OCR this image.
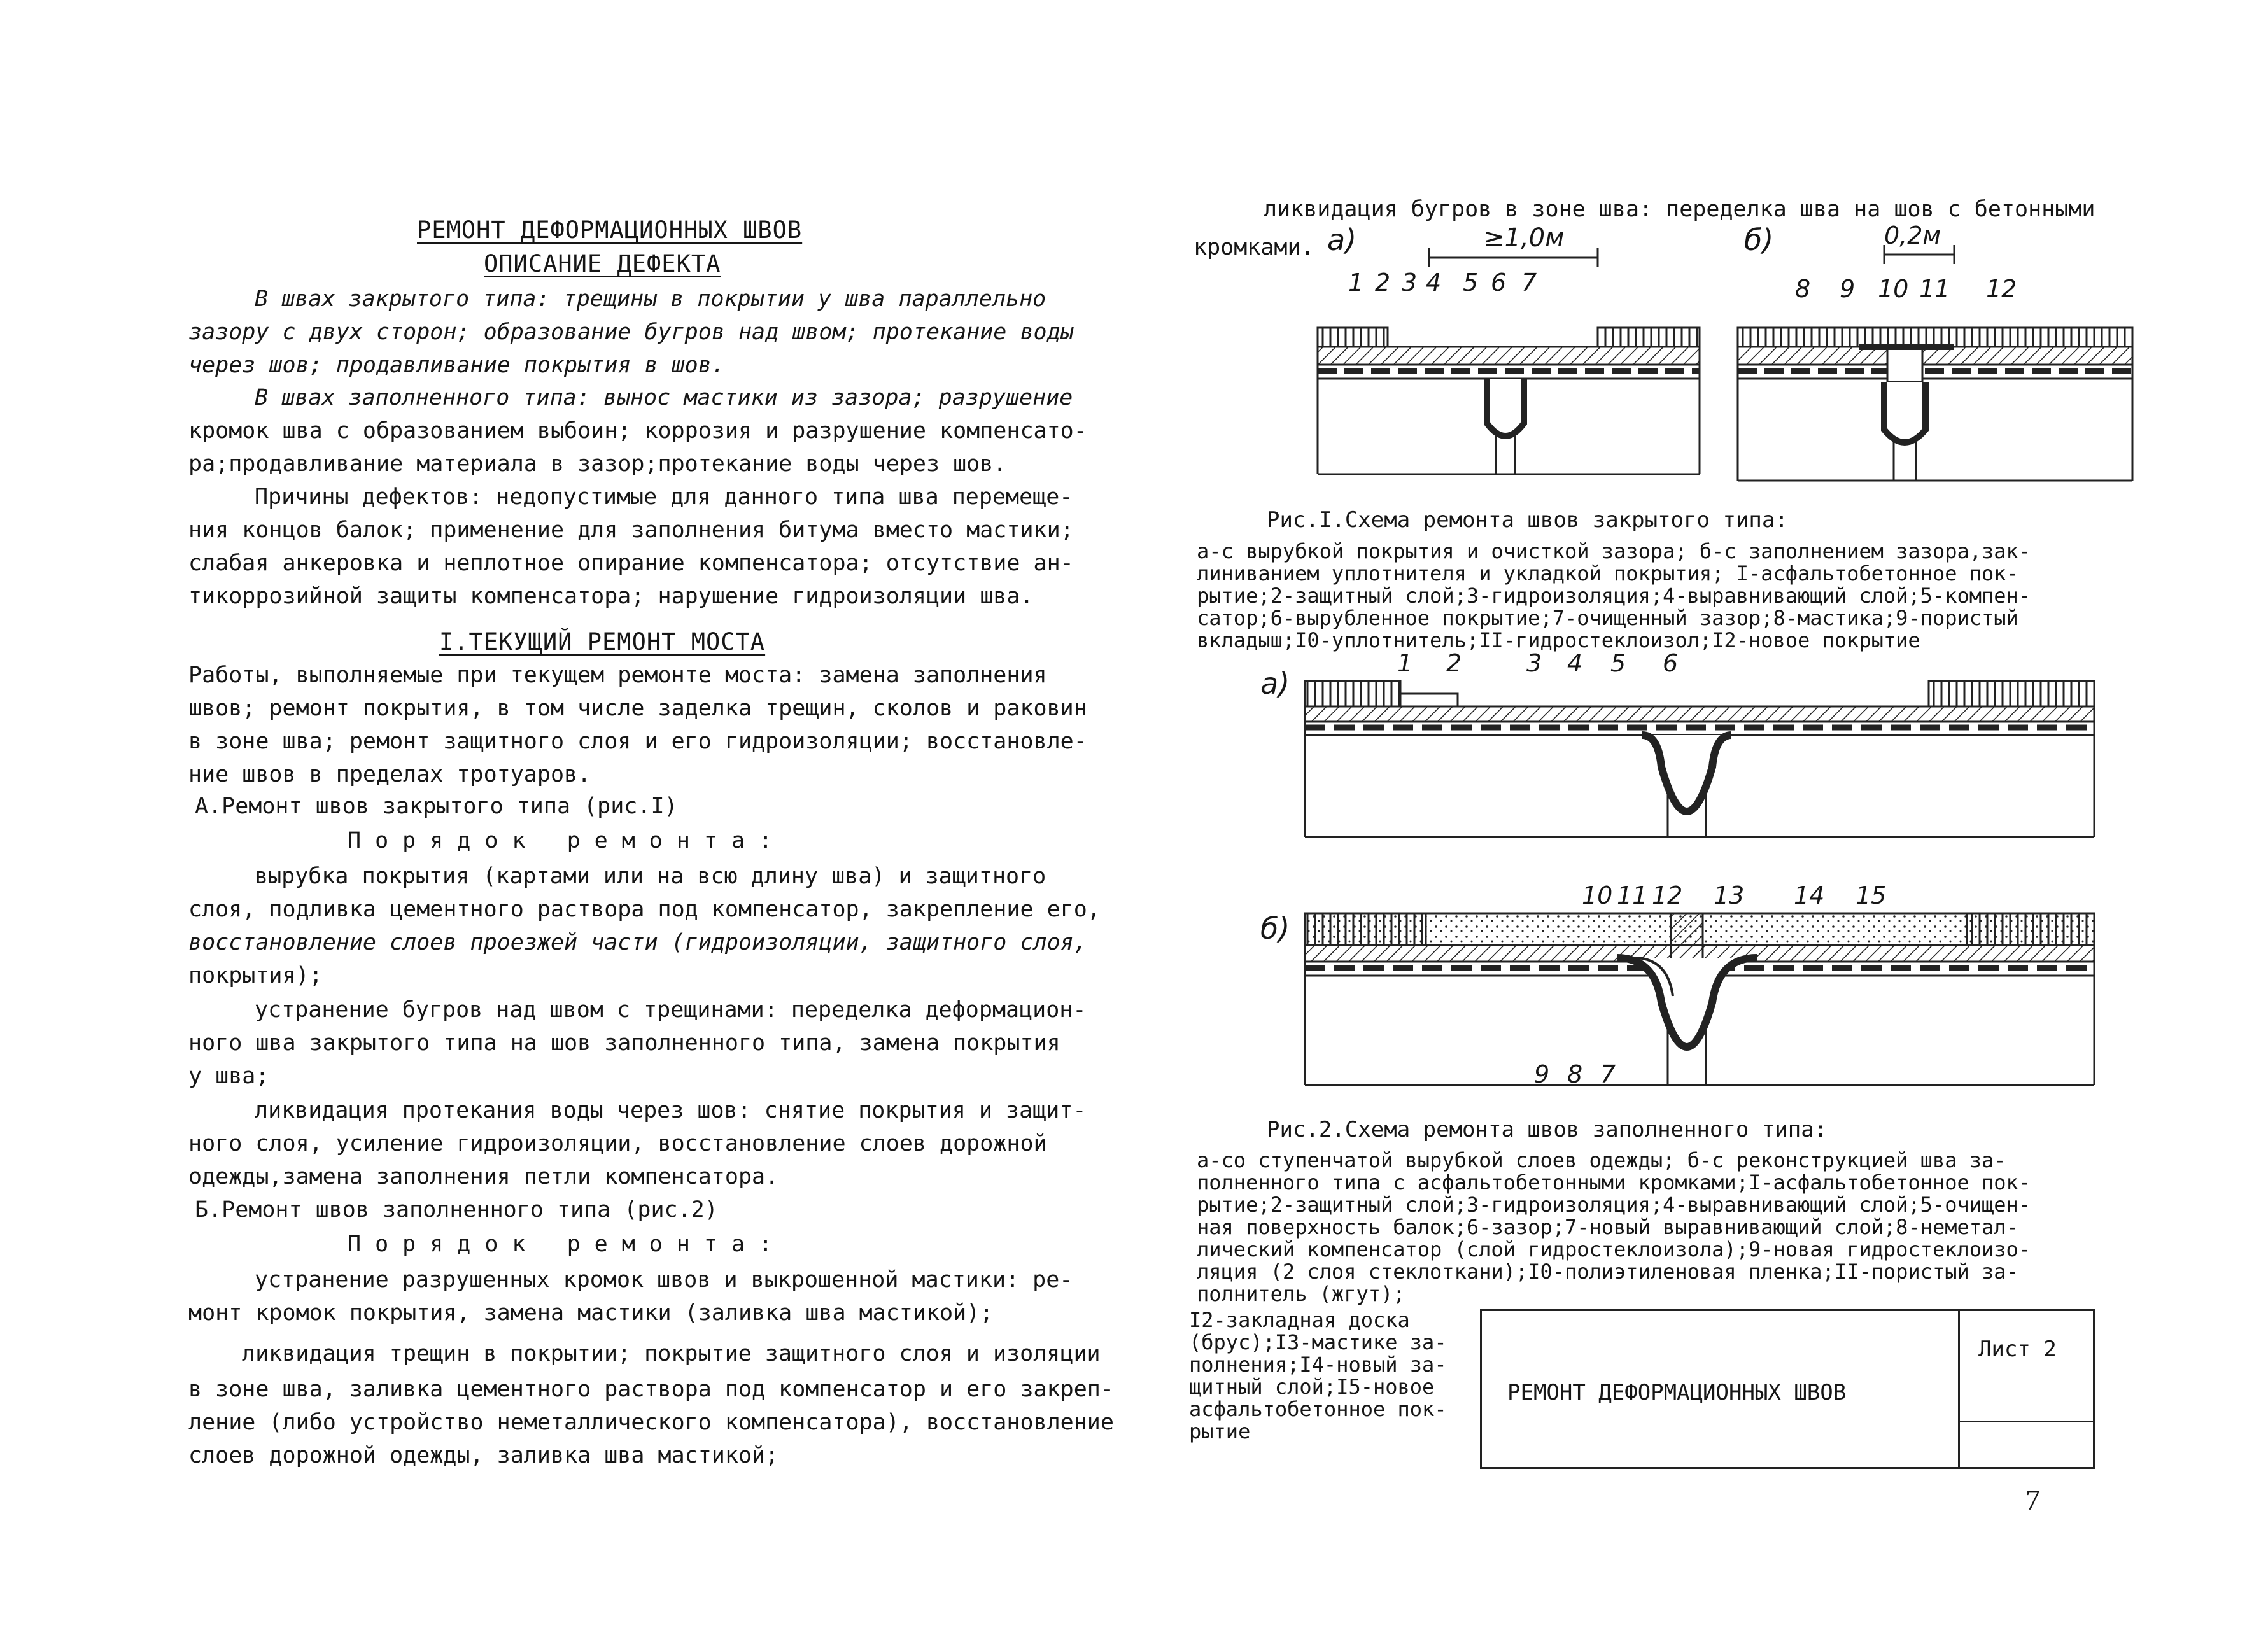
РЕМОНТ ДЕФОРМАЦИОННЫХ ШВОВ
ОПИСАНИЕ ДЕФЕКТА
В швах закрытого типа: трещины в покрытии у шва параллельно
зазору с двух сторон; образование бугров над швом; протекание воды
через шов; продавливание покрытия в шов.
В швах заполненного типа: вынос мастики из зазора; разрушение
кромок шва с образованием выбоин; коррозия и разрушение компенсато-
ра;продавливание материала в зазор;протекание воды через шов.
Причины дефектов: недопустимые для данного типа шва перемеще-
ния концов балок; применение для заполнения битума вместо мастики;
слабая анкеровка и неплотное опирание компенсатора; отсутствие ан-
тикоррозийной защиты компенсатора; нарушение гидроизоляции шва.
I.ТЕКУЩИЙ РЕМОНТ МОСТА
Работы, выполняемые при текущем ремонте моста: замена заполнения
швов; ремонт покрытия, в том числе заделка трещин, сколов и раковин
в зоне шва; ремонт защитного слоя и его гидроизоляции; восстановле-
ние швов в пределах тротуаров.
А.Ремонт швов закрытого типа (рис.I)
Порядок ремонта:
вырубка покрытия (картами или на всю длину шва) и защитного
слоя, подливка цементного раствора под компенсатор, закрепление его,
восстановление слоев проезжей части (гидроизоляции, защитного слоя,
покрытия);
устранение бугров над швом с трещинами: переделка деформацион-
ного шва закрытого типа на шов заполненного типа, замена покрытия
у шва;
ликвидация протекания воды через шов: снятие покрытия и защит-
ного слоя, усиление гидроизоляции, восстановление слоев дорожной
одежды,замена заполнения петли компенсатора.
Б.Ремонт швов заполненного типа (рис.2)
Порядок ремонта:
устранение разрушенных кромок швов и выкрошенной мастики: ре-
монт кромок покрытия, замена мастики (заливка шва мастикой);
ликвидация трещин в покрытии; покрытие защитного слоя и изоляции
в зоне шва, заливка цементного раствора под компенсатор и его закреп-
ление (либо устройство неметаллического компенсатора), восстановление
слоев дорожной одежды, заливка шва мастикой;
ликвидация бугров в зоне шва: переделка шва на шов с бетонными
кромками. а)	б)
≥1,0м	0,2м
1 2 3 4 5 6 7	8 9 10 11 12
Рис.I.Схема ремонта швов закрытого типа:
а-с вырубкой покрытия и очисткой зазора; б-с заполнением зазора,зак-
линиванием уплотнителя и укладкой покрытия; I-асфальтобетонное пок-
рытие;2-защитный слой;3-гидроизоляция;4-выравнивающий слой;5-компен-
сатор;6-вырубленное покрытие;7-очищенный зазор;8-мастика;9-пористый
вкладыш;I0-уплотнитель;II-гидростеклоизол;I2-новое покрытие
а)
1 2	3 4 5 6
б)
10 11 12 13 14 15
9 8 7
Рис.2.Схема ремонта швов заполненного типа:
а-со ступенчатой вырубкой слоев одежды; б-с реконструкцией шва за-
полненного типа с асфальтобетонными кромками;I-асфальтобетонное пок-
рытие;2-защитный слой;3-гидроизоляция;4-выравнивающий слой;5-очищен-
ная поверхность балок;6-зазор;7-новый выравнивающий слой;8-неметал-
лический компенсатор (слой гидростеклоизола);9-новая гидростеклоизо-
ляция (2 слоя стеклоткани);I0-полиэтиленовая пленка;II-пористый за-
полнитель (жгут);
I2-закладная доска
(брус);I3-мастике за-
полнения;I4-новый за-
щитный слой;I5-новое
асфальтобетонное пок-
рытие
РЕМОНТ ДЕФОРМАЦИОННЫХ ШВОВ
Лист 2
7
